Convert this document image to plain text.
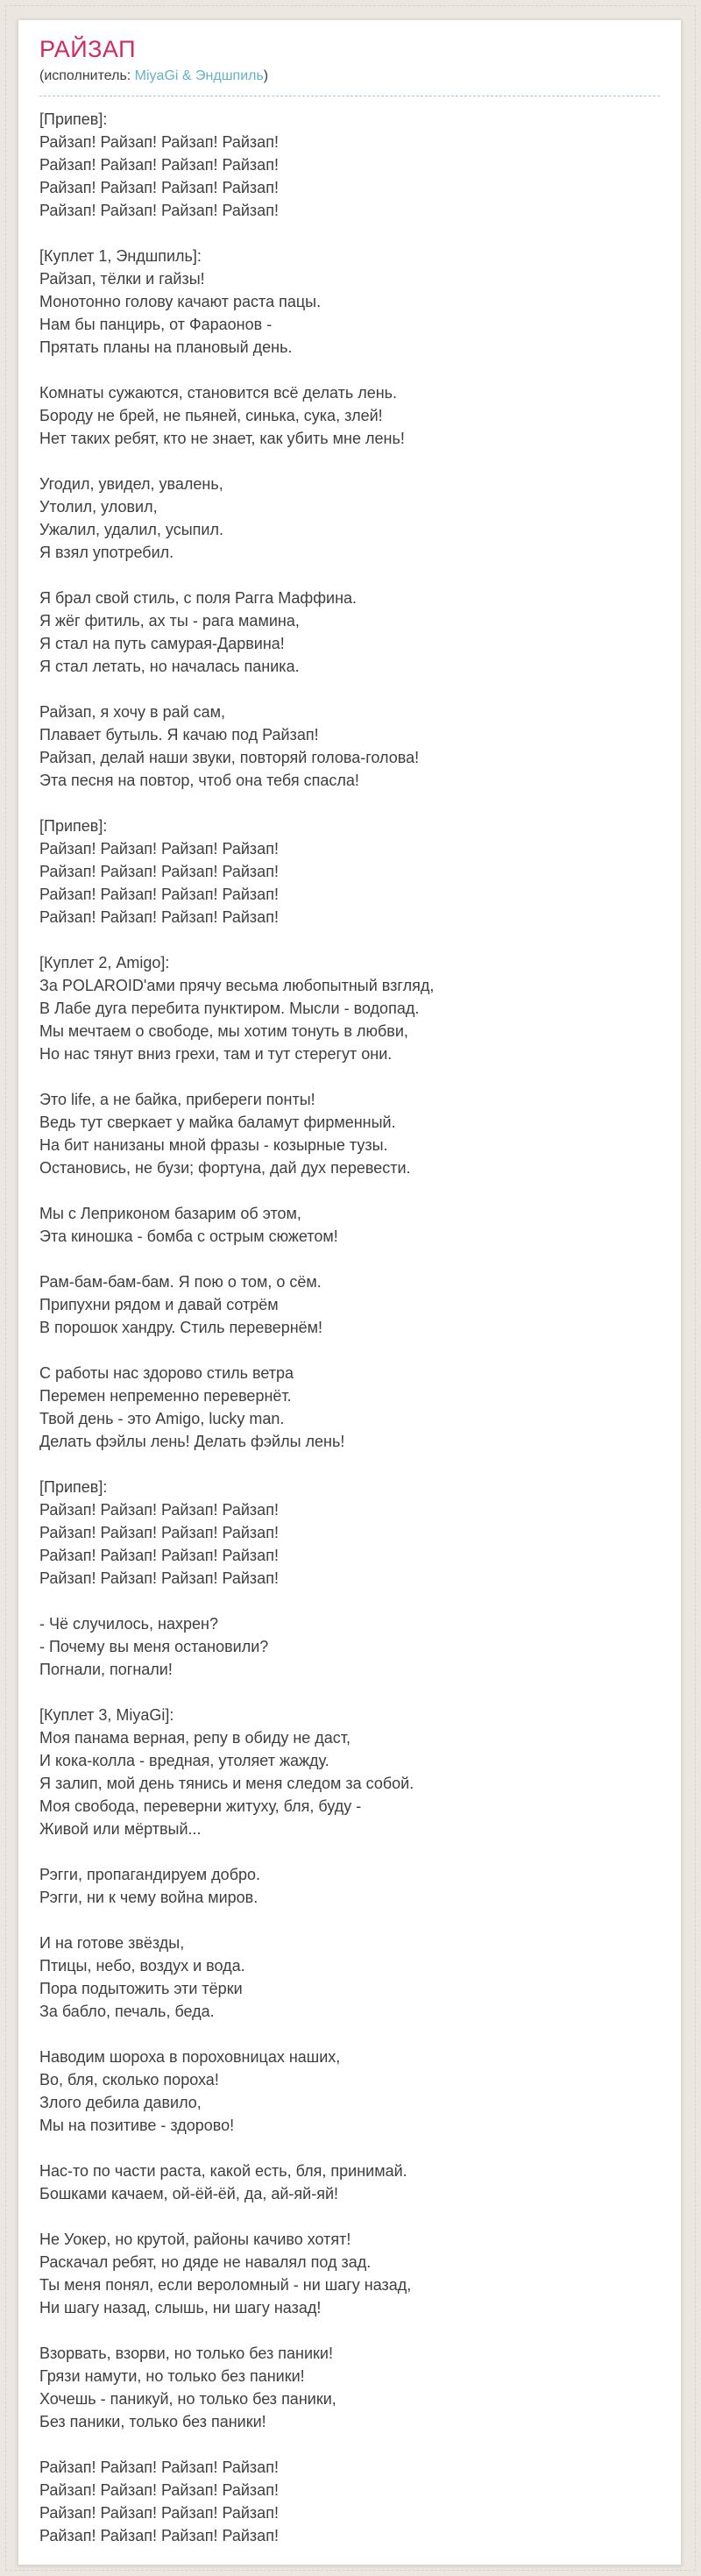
РАЙЗАП
(исполнитель: MiyaGi & Эндшпиль)
[Припев]:
Райзап! Райзап! Райзап! Райзап!
Райзап! Райзап! Райзап! Райзап!
Райзап! Райзап! Райзап! Райзап!
Райзап! Райзап! Райзап! Райзап!
[Куплет 1, Эндшпиль]:
Райзап, тёлки и гайзы!
Монотонно голову качают раста пацы.
Нам бы панцирь, от Фараонов -
Прятать планы на плановый день.
Комнаты сужаются, становится всё делать лень.
Бороду не брей, не пьяней, синька, сука, злей!
Нет таких ребят, кто не знает, как убить мне лень!
Угодил, увидел, увалень,
Утолил, уловил,
Ужалил, удалил, усыпил.
Я взял употребил.
Я брал свой стиль, с поля Рагга Маффина.
Я жёг фитиль, ах ты - рага мамина,
Я стал на путь самурая-Дарвина!
Я стал летать, но началась паника.
Райзап, я хочу в рай сам,
Плавает бутыль. Я качаю под Райзап!
Райзап, делай наши звуки, повторяй голова-голова!
Эта песня на повтор, чтоб она тебя спасла!
[Припев]:
Райзап! Райзап! Райзап! Райзап!
Райзап! Райзап! Райзап! Райзап!
Райзап! Райзап! Райзап! Райзап!
Райзап! Райзап! Райзап! Райзап!
[Куплет 2, Amigo]:
За POLAROID'ами прячу весьма любопытный взгляд,
В Лабе дуга перебита пунктиром. Мысли - водопад.
Мы мечтаем о свободе, мы хотим тонуть в любви,
Но нас тянут вниз грехи, там и тут стерегут они.
Это life, а не байка, прибереги понты!
Ведь тут сверкает у майка баламут фирменный.
На бит нанизаны мной фразы - козырные тузы.
Остановись, не бузи; фортуна, дай дух перевести.
Мы с Леприконом базарим об этом,
Эта киношка - бомба с острым сюжетом!
Рам-бам-бам-бам. Я пою о том, о сём.
Припухни рядом и давай сотрём
В порошок хандру. Стиль перевернём!
С работы нас здорово стиль ветра
Перемен непременно перевернёт.
Твой день - это Amigo, lucky man.
Делать фэйлы лень! Делать фэйлы лень!
[Припев]:
Райзап! Райзап! Райзап! Райзап!
Райзап! Райзап! Райзап! Райзап!
Райзап! Райзап! Райзап! Райзап!
Райзап! Райзап! Райзап! Райзап!
- Чё случилось, нахрен?
- Почему вы меня остановили?
Погнали, погнали!
[Куплет 3, MiyaGi]:
Моя панама верная, репу в обиду не даст,
И кока-колла - вредная, утоляет жажду.
Я залип, мой день тянись и меня следом за собой.
Моя свобода, переверни житуху, бля, буду -
Живой или мёртвый...
Рэгги, пропагандируем добро.
Рэгги, ни к чему война миров.
И на готове звёзды,
Птицы, небо, воздух и вода.
Пора подытожить эти тёрки
За бабло, печаль, беда.
Наводим шороха в пороховницах наших,
Во, бля, сколько пороха!
Злого дебила давило,
Мы на позитиве - здорово!
Нас-то по части раста, какой есть, бля, принимай.
Бошками качаем, ой-ёй-ёй, да, ай-яй-яй!
Не Уокер, но крутой, районы качиво хотят!
Раскачал ребят, но дяде не навалял под зад.
Ты меня понял, если вероломный - ни шагу назад,
Ни шагу назад, слышь, ни шагу назад!
Взорвать, взорви, но только без паники!
Грязи намути, но только без паники!
Хочешь - паникуй, но только без паники,
Без паники, только без паники!
Райзап! Райзап! Райзап! Райзап!
Райзап! Райзап! Райзап! Райзап!
Райзап! Райзап! Райзап! Райзап!
Райзап! Райзап! Райзап! Райзап!
